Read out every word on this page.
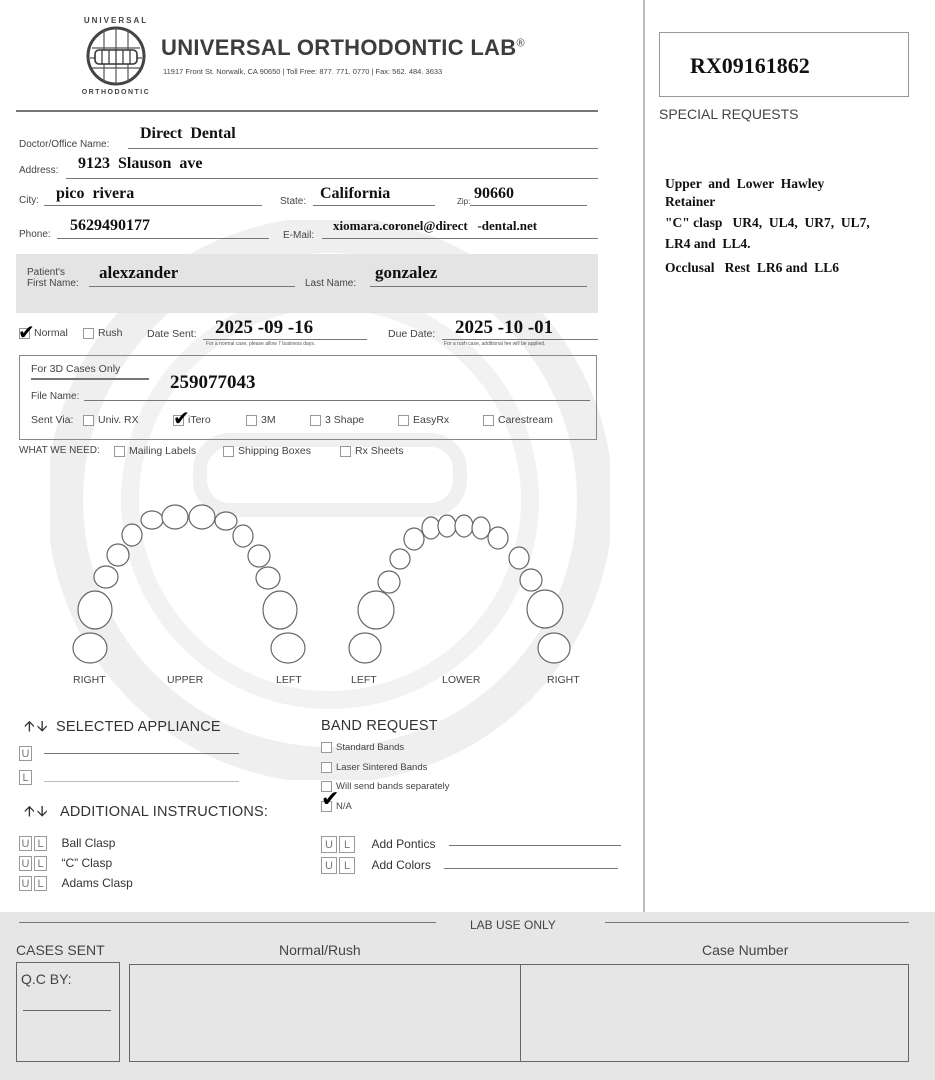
UNIVERSAL
ORTHODONTIC
UNIVERSAL ORTHODONTIC LAB®
11917 Front St. Norwalk, CA 90650 | Toll Free: 877. 771. 0770 | Fax: 562. 484. 3633	RX09161862
SPECIAL REQUESTS
Upper  and  Lower  Hawley
Retainer
"C" clasp   UR4,  UL4,  UR7,  UL7,
LR4 and  LL4.
Occlusal   Rest  LR6 and  LL6
Doctor/Office Name:
Direct  Dental
Address: 9123  Slauson  ave
City: pico  rivera	State: California	Zip: 90660
Phone:
5629490177
E-Mail:
xiomara.coronel@direct   -dental.net
Patient's
First Name:
alexzander
Last Name:
gonzalez
✔ Normal	Rush Date Sent: 2025 -09 -16
For a normal case, please allow 7 business days.
Due Date: 2025 -10 -01
For a rush case, additional fee will be applied.
For 3D Cases Only
File Name:
259077043
Sent Via:	Univ. RX ✔
iTero	3M	3 Shape	EasyRx	Carestream
WHAT WE NEED:	Mailing Labels	Shipping Boxes	Rx Sheets
RIGHT	UPPER	LEFT	LEFT	LOWER	RIGHT
🡩 🡫 SELECTED APPLIANCE
U
L
BAND REQUEST
Standard Bands
Laser Sintered Bands
Will send bands separately
✔
N/A
🡩 🡫 ADDITIONAL INSTRUCTIONS:
U L Ball Clasp
U L “C” Clasp
U L Adams Clasp
U L Add Pontics
U L Add Colors
LAB USE ONLY
CASES SENT	Normal/Rush	Case Number
Q.C BY:
